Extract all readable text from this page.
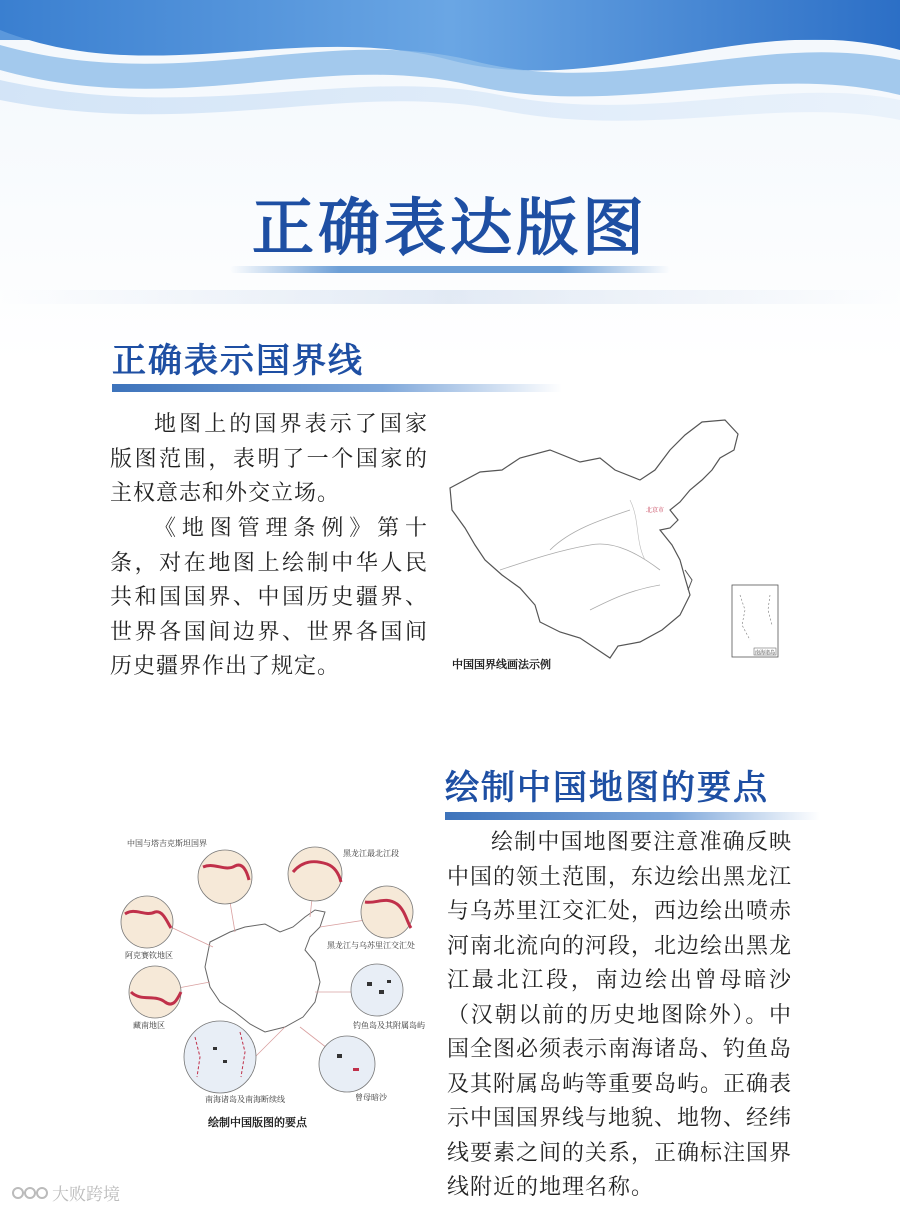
正确表达版图
正确表示国界线
地图上的国界表示了国家版图范围，表明了一个国家的主权意志和外交立场。
《地图管理条例》第十条，对在地图上绘制中华人民共和国国界、中国历史疆界、世界各国间边界、世界各国间历史疆界作出了规定。
北京市
南海诸岛
中国国界线画法示例
绘制中国地图的要点
绘制中国地图要注意准确反映中国的领土范围，东边绘出黑龙江与乌苏里江交汇处，西边绘出喷赤河南北流向的河段，北边绘出黑龙江最北江段，南边绘出曾母暗沙（汉朝以前的历史地图除外）。中国全图必须表示南海诸岛、钓鱼岛及其附属岛屿等重要岛屿。正确表示中国国界线与地貌、地物、经纬线要素之间的关系，正确标注国界线附近的地理名称。
中国与塔吉克斯坦国界
黑龙江最北江段
阿克赛钦地区
黑龙江与乌苏里江交汇处
藏南地区	钓鱼岛及其附属岛屿
南海诸岛及南海断续线	曾母暗沙
绘制中国版图的要点
大败跨境
